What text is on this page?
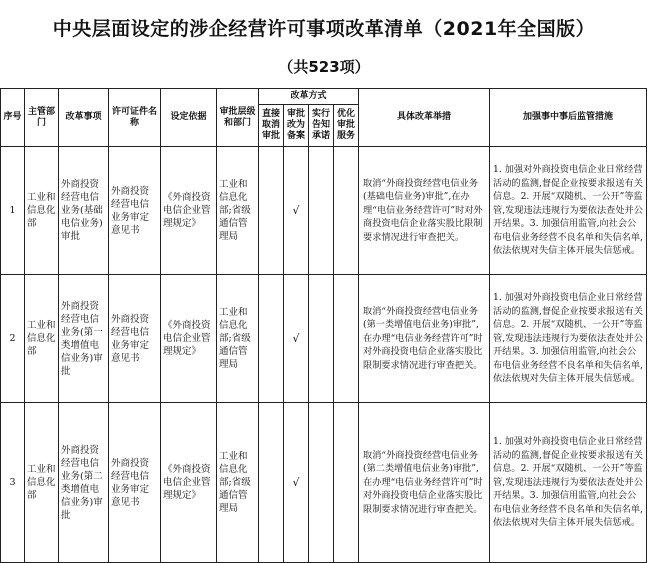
中央层面设定的涉企经营许可事项改革清单（2021年全国版）
（共523项）
序号	主管部门	改革事项	许可证件名称	设定依据	审批层级和部门	改革方式				具体改革举措	加强事中事后监管措施
						直接取消审批	审批改为备案	实行告知承诺	优化审批服务		
1	工业和信息化部	外商投资经营电信业务(基础电信业务)审批	外商投资经营电信业务审定意见书	《外商投资电信企业管理规定》	工业和信息化部;省级通信管理局		√			取消“外商投资经营电信业务(基础电信业务)审批”,在办理“电信业务经营许可”时对外商投资电信企业落实股比限制要求情况进行审查把关。	1. 加强对外商投资电信企业日常经营活动的监测,督促企业按要求报送有关信息。2. 开展“双随机、一公开”等监管,发现违法违规行为要依法查处并公开结果。3. 加强信用监管,向社会公布电信业务经营不良名单和失信名单,依法依规对失信主体开展失信惩戒。
2	工业和信息化部	外商投资经营电信业务(第一类增值电信业务)审批	外商投资经营电信业务审定意见书	《外商投资电信企业管理规定》	工业和信息化部;省级通信管理局		√			取消“外商投资经营电信业务(第一类增值电信业务)审批”,在办理“电信业务经营许可”时对外商投资电信企业落实股比限制要求情况进行审查把关。	1. 加强对外商投资电信企业日常经营活动的监测,督促企业按要求报送有关信息。2. 开展“双随机、一公开”等监管,发现违法违规行为要依法查处并公开结果。3. 加强信用监管,向社会公布电信业务经营不良名单和失信名单,依法依规对失信主体开展失信惩戒。
3	工业和信息化部	外商投资经营电信业务(第二类增值电信业务)审批	外商投资经营电信业务审定意见书	《外商投资电信企业管理规定》	工业和信息化部;省级通信管理局		√			取消“外商投资经营电信业务(第二类增值电信业务)审批”,在办理“电信业务经营许可”时对外商投资电信企业落实股比限制要求情况进行审查把关。	1. 加强对外商投资电信企业日常经营活动的监测,督促企业按要求报送有关信息。2. 开展“双随机、一公开”等监管,发现违法违规行为要依法查处并公开结果。3. 加强信用监管,向社会公布电信业务经营不良名单和失信名单,依法依规对失信主体开展失信惩戒。
